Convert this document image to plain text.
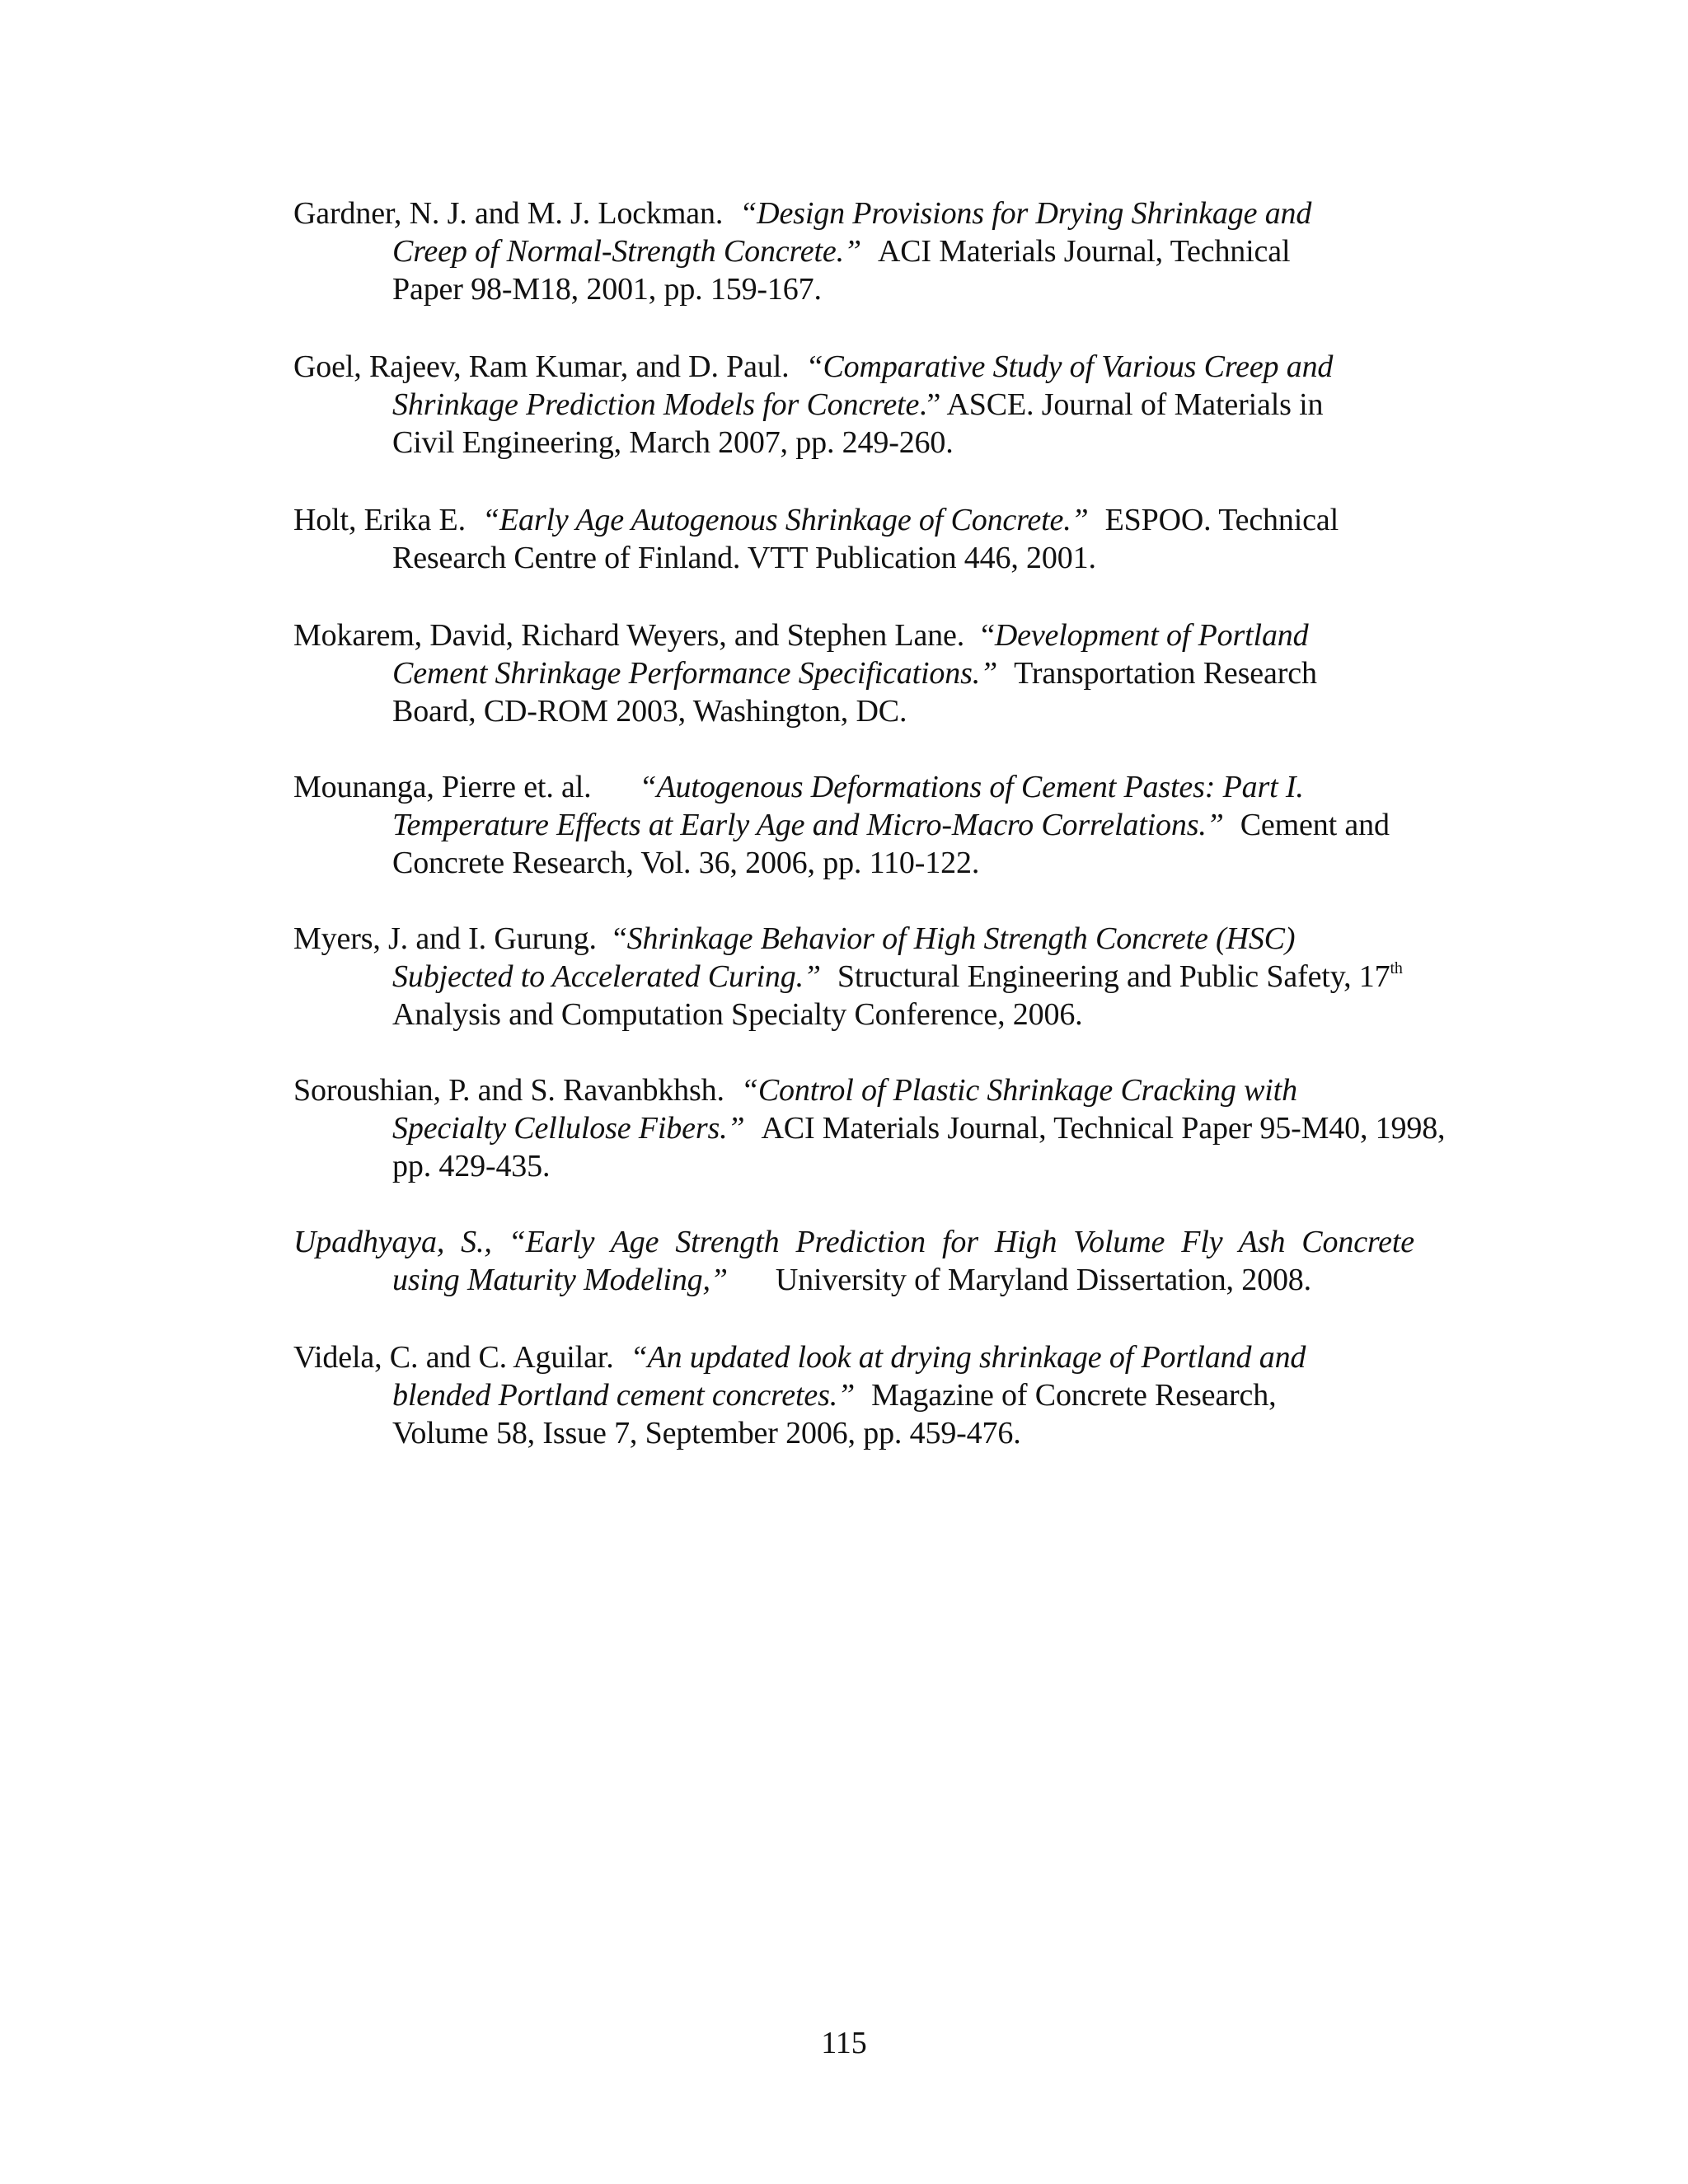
Gardner, N. J. and M. J. Lockman. “Design Provisions for Drying Shrinkage and
Creep of Normal-Strength Concrete.” ACI Materials Journal, Technical
Paper 98-M18, 2001, pp. 159-167.
Goel, Rajeev, Ram Kumar, and D. Paul. “Comparative Study of Various Creep and
Shrinkage Prediction Models for Concrete.” ASCE. Journal of Materials in
Civil Engineering, March 2007, pp. 249-260.
Holt, Erika E. “Early Age Autogenous Shrinkage of Concrete.” ESPOO. Technical
Research Centre of Finland. VTT Publication 446, 2001.
Mokarem, David, Richard Weyers, and Stephen Lane. “Development of Portland
Cement Shrinkage Performance Specifications.” Transportation Research
Board, CD-ROM 2003, Washington, DC.
Mounanga, Pierre et. al. “Autogenous Deformations of Cement Pastes: Part I.
Temperature Effects at Early Age and Micro-Macro Correlations.” Cement and
Concrete Research, Vol. 36, 2006, pp. 110-122.
Myers, J. and I. Gurung. “Shrinkage Behavior of High Strength Concrete (HSC)
Subjected to Accelerated Curing.” Structural Engineering and Public Safety, 17th
Analysis and Computation Specialty Conference, 2006.
Soroushian, P. and S. Ravanbkhsh. “Control of Plastic Shrinkage Cracking with
Specialty Cellulose Fibers.” ACI Materials Journal, Technical Paper 95-M40, 1998,
pp. 429-435.
Upadhyaya, S., “Early Age Strength Prediction for High Volume Fly Ash Concrete
using Maturity Modeling,” University of Maryland Dissertation, 2008.
Videla, C. and C. Aguilar. “An updated look at drying shrinkage of Portland and
blended Portland cement concretes.” Magazine of Concrete Research,
Volume 58, Issue 7, September 2006, pp. 459-476.
115
